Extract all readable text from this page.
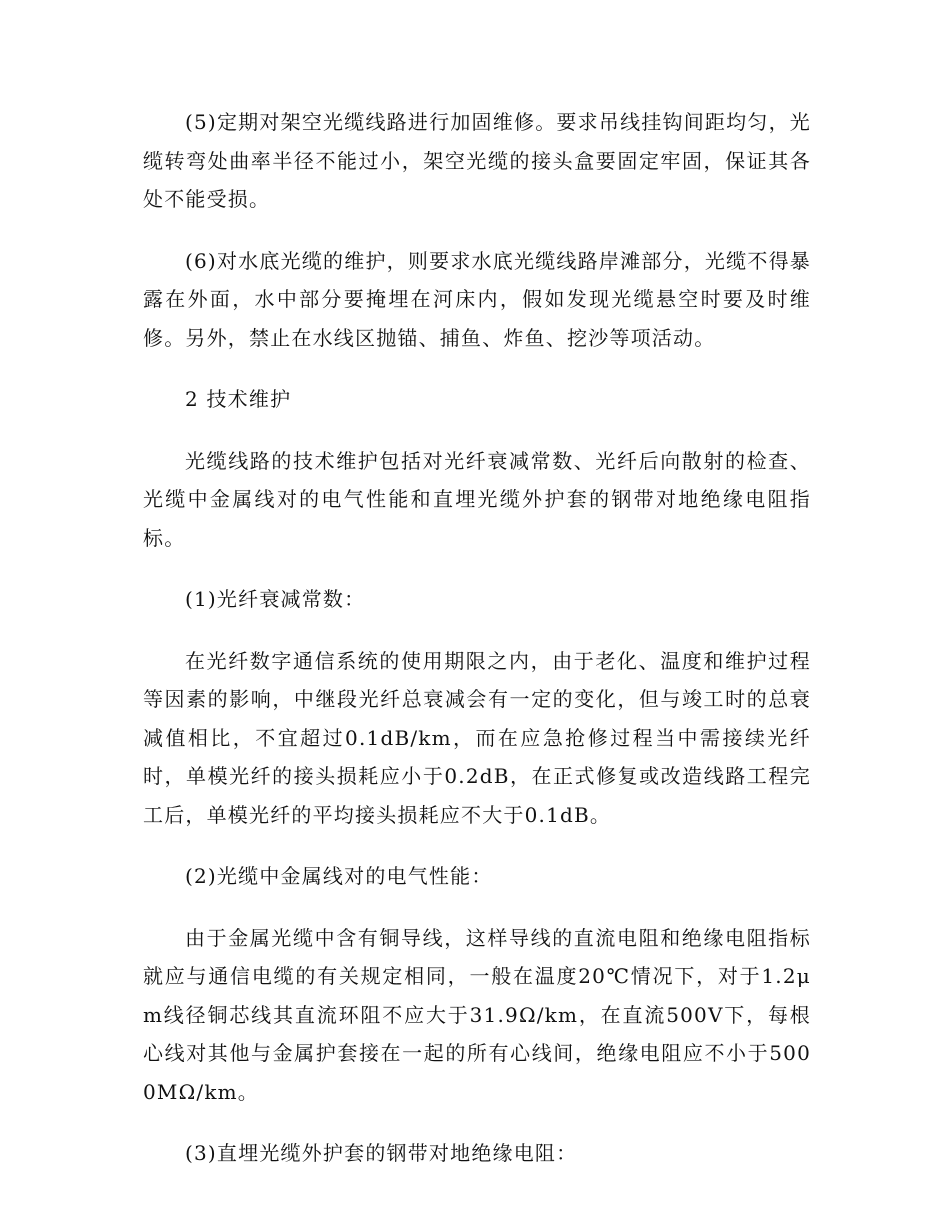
(5)定期对架空光缆线路进行加固维修。要求吊线挂钩间距均匀，光缆转弯处曲率半径不能过小，架空光缆的接头盒要固定牢固，保证其各处不能受损。

(6)对水底光缆的维护，则要求水底光缆线路岸滩部分，光缆不得暴露在外面，水中部分要掩埋在河床内，假如发现光缆悬空时要及时维修。另外，禁止在水线区抛锚、捕鱼、炸鱼、挖沙等项活动。

2 技术维护

光缆线路的技术维护包括对光纤衰减常数、光纤后向散射的检查、光缆中金属线对的电气性能和直埋光缆外护套的钢带对地绝缘电阻指标。

(1)光纤衰减常数：

在光纤数字通信系统的使用期限之内，由于老化、温度和维护过程等因素的影响，中继段光纤总衰减会有一定的变化，但与竣工时的总衰减值相比，不宜超过0.1dB/km，而在应急抢修过程当中需接续光纤时，单模光纤的接头损耗应小于0.2dB，在正式修复或改造线路工程完工后，单模光纤的平均接头损耗应不大于0.1dB。

(2)光缆中金属线对的电气性能：

由于金属光缆中含有铜导线，这样导线的直流电阻和绝缘电阻指标就应与通信电缆的有关规定相同，一般在温度20℃情况下，对于1.2μm线径铜芯线其直流环阻不应大于31.9Ω/km，在直流500V下，每根心线对其他与金属护套接在一起的所有心线间，绝缘电阻应不小于5000MΩ/km。

(3)直埋光缆外护套的钢带对地绝缘电阻：
